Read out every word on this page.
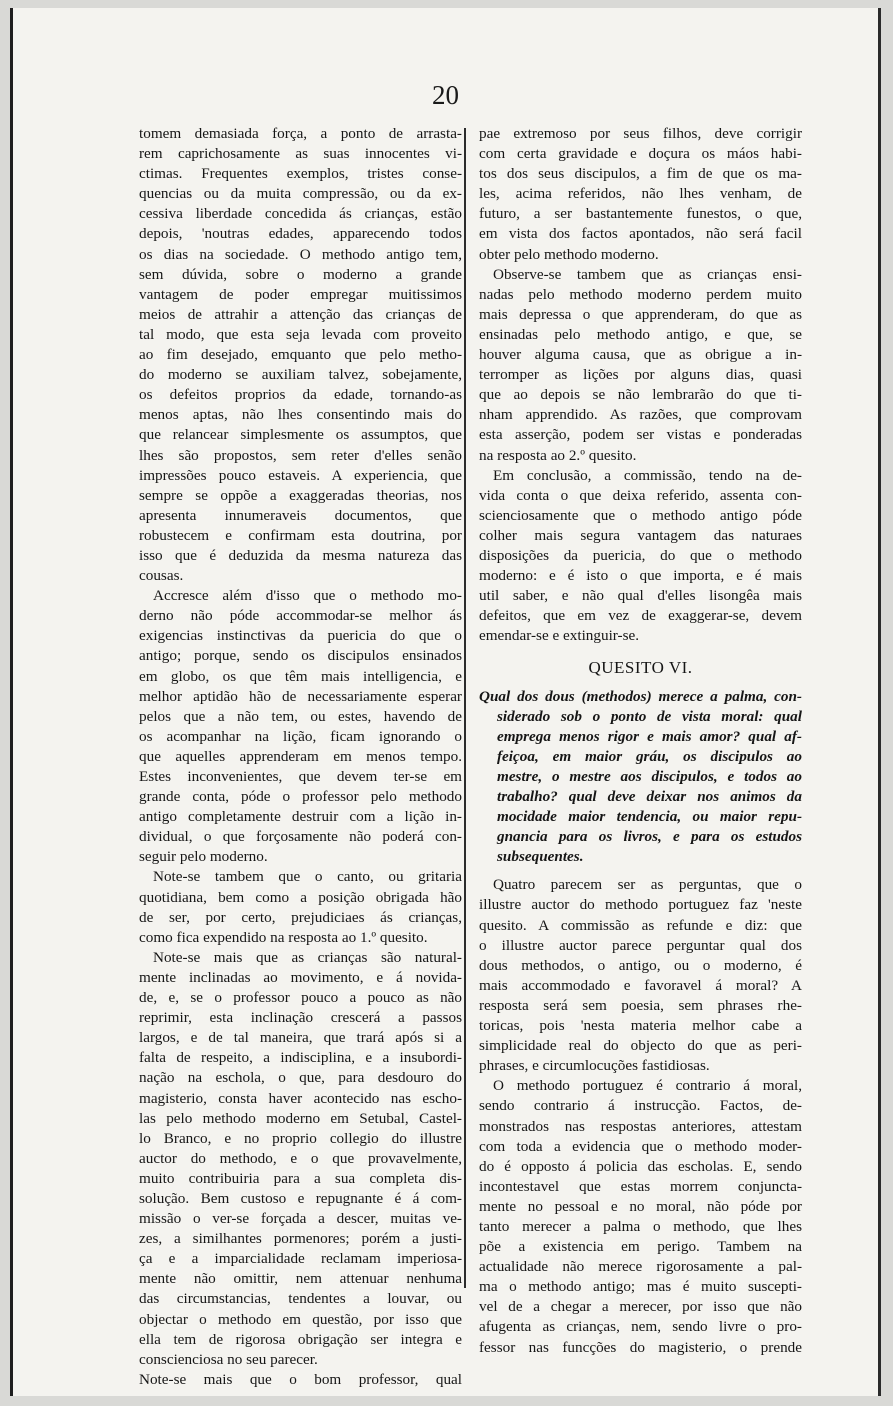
20
tomem demasiada força, a ponto de arrasta-
rem caprichosamente as suas innocentes vi-
ctimas. Frequentes exemplos, tristes conse-
quencias ou da muita compressão, ou da ex-
cessiva liberdade concedida ás crianças, estão
depois, 'noutras edades, apparecendo todos
os dias na sociedade. O methodo antigo tem,
sem dúvida, sobre o moderno a grande
vantagem de poder empregar muitissimos
meios de attrahir a attenção das crianças de
tal modo, que esta seja levada com proveito
ao fim desejado, emquanto que pelo metho-
do moderno se auxiliam talvez, sobejamente,
os defeitos proprios da edade, tornando-as
menos aptas, não lhes consentindo mais do
que relancear simplesmente os assumptos, que
lhes são propostos, sem reter d'elles senão
impressões pouco estaveis. A experiencia, que
sempre se oppõe a exaggeradas theorias, nos
apresenta innumeraveis documentos, que
robustecem e confirmam esta doutrina, por
isso que é deduzida da mesma natureza das
cousas.
Accresce além d'isso que o methodo mo-
derno não póde accommodar-se melhor ás
exigencias instinctivas da puericia do que o
antigo; porque, sendo os discipulos ensinados
em globo, os que têm mais intelligencia, e
melhor aptidão hão de necessariamente esperar
pelos que a não tem, ou estes, havendo de
os acompanhar na lição, ficam ignorando o
que aquelles apprenderam em menos tempo.
Estes inconvenientes, que devem ter-se em
grande conta, póde o professor pelo methodo
antigo completamente destruir com a lição in-
dividual, o que forçosamente não poderá con-
seguir pelo moderno.
Note-se tambem que o canto, ou gritaria
quotidiana, bem como a posição obrigada hão
de ser, por certo, prejudiciaes ás crianças,
como fica expendido na resposta ao 1.º quesito.
Note-se mais que as crianças são natural-
mente inclinadas ao movimento, e á novida-
de, e, se o professor pouco a pouco as não
reprimir, esta inclinação crescerá a passos
largos, e de tal maneira, que trará após si a
falta de respeito, a indisciplina, e a insubordi-
nação na escholа, o que, para desdouro do
magisterio, consta haver acontecido nas escho-
las pelo methodo moderno em Setubal, Castel-
lo Branco, e no proprio collegio do illustre
auctor do methodo, e o que provavelmente,
muito contribuiria para a sua completa dis-
solução. Bem custoso e repugnante é á com-
missão o ver-se forçada a descer, muitas ve-
zes, a similhantes pormenores; porém a justi-
ça e a imparcialidade reclamam imperiosa-
mente não omittir, nem attenuar nenhuma
das circumstancias, tendentes a louvar, ou
objectar o methodo em questão, por isso que
ella tem de rigorosa obrigação ser integra e
conscienciosa no seu parecer.
Note-se mais que o bom professor, qual
pae extremoso por seus filhos, deve corrigir
com certa gravidade e doçura os máos habi-
tos dos seus discipulos, a fim de que os ma-
les, acima referidos, não lhes venham, de
futuro, a ser bastantemente funestos, o que,
em vista dos factos apontados, não será facil
obter pelo methodo moderno.
Observe-se tambem que as crianças ensi-
nadas pelo methodo moderno perdem muito
mais depressa o que apprenderam, do que as
ensinadas pelo methodo antigo, e que, se
houver alguma causa, que as obrigue a in-
terromper as lições por alguns dias, quasi
que ao depois se não lembrarão do que ti-
nham apprendido. As razões, que comprovam
esta asserção, podem ser vistas e ponderadas
na resposta ao 2.º quesito.
Em conclusão, a commissão, tendo na de-
vida conta o que deixa referido, assenta con-
scienciosamente que o methodo antigo póde
colher mais segura vantagem das naturaes
disposições da puericia, do que o methodo
moderno: e é isto o que importa, e é mais
util saber, e não qual d'elles lisongêa mais
defeitos, que em vez de exaggerar-se, devem
emendar-se e extinguir-se.
QUESITO VI.
Qual dos dous (methodos) merece a palma, con-
siderado sob o ponto de vista moral: qual
emprega menos rigor e mais amor? qual af-
feiçoa, em maior gráu, os discipulos ao
mestre, o mestre aos discipulos, e todos ao
trabalho? qual deve deixar nos animos da
mocidade maior tendencia, ou maior repu-
gnancia para os livros, e para os estudos
subsequentes.
Quatro parecem ser as perguntas, que o
illustre auctor do methodo portuguez faz 'neste
quesito. A commissão as refunde e diz: que
o illustre auctor parece perguntar qual dos
dous methodos, o antigo, ou o moderno, é
mais accommodado e favoravel á moral? A
resposta será sem poesia, sem phrases rhe-
toricas, pois 'nesta materia melhor cabe a
simplicidade real do objecto do que as peri-
phrases, e circumlocuções fastidiosas.
O methodo portuguez é contrario á moral,
sendo contrario á instrucção. Factos, de-
monstrados nas respostas anteriores, attestam
com toda a evidencia que o methodo moder-
do é opposto á policia das escholas. E, sendo
incontestavel que estas morrem conjuncta-
mente no pessoal e no moral, não póde por
tanto merecer a palma o methodo, que lhes
põe a existencia em perigo. Tambem na
actualidade não merece rigorosamente a pal-
ma o methodo antigo; mas é muito suscepti-
vel de a chegar a merecer, por isso que não
afugenta as crianças, nem, sendo livre o pro-
fessor nas funcções do magisterio, o prende
